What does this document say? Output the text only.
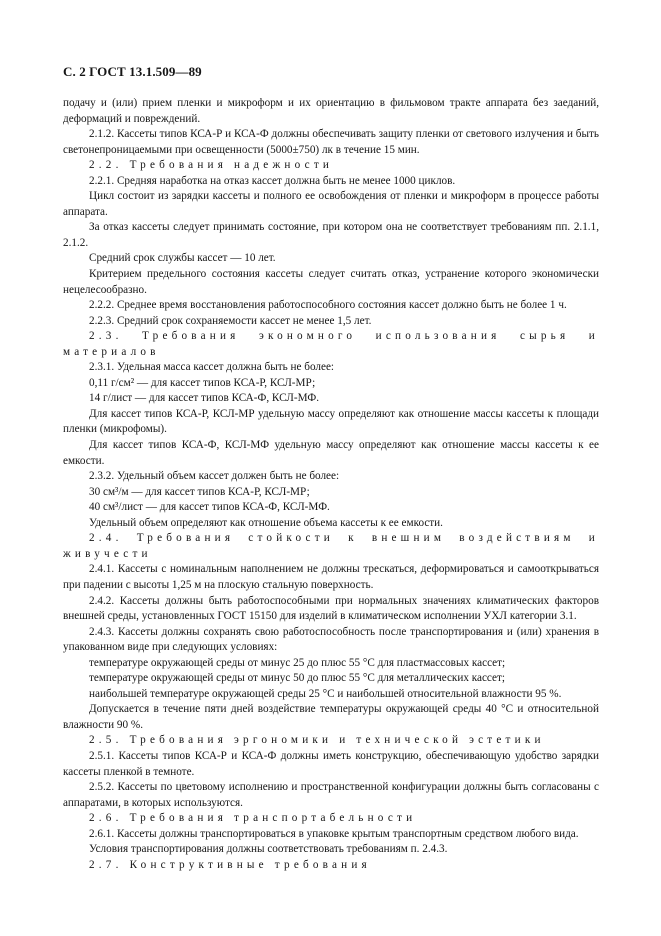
С. 2 ГОСТ 13.1.509—89

подачу и (или) прием пленки и микроформ и их ориентацию в фильмовом тракте аппарата без заеданий, деформаций и повреждений.

2.1.2. Кассеты типов КСА-Р и КСА-Ф должны обеспечивать защиту пленки от светового излучения и быть светонепроницаемыми при освещенности (5000±750) лк в течение 15 мин.

2.2. Требования надежности

2.2.1. Средняя наработка на отказ кассет должна быть не менее 1000 циклов.

Цикл состоит из зарядки кассеты и полного ее освобождения от пленки и микроформ в процессе работы аппарата.

За отказ кассеты следует принимать состояние, при котором она не соответствует требованиям пп. 2.1.1, 2.1.2.

Средний срок службы кассет — 10 лет.

Критерием предельного состояния кассеты следует считать отказ, устранение которого экономически нецелесообразно.

2.2.2. Среднее время восстановления работоспособного состояния кассет должно быть не более 1 ч.

2.2.3. Средний срок сохраняемости кассет не менее 1,5 лет.

2.3. Требования экономного использования сырья и материалов

2.3.1. Удельная масса кассет должна быть не более:

0,11 г/см² — для кассет типов КСА-Р, КСЛ-МР;

14 г/лист — для кассет типов КСА-Ф, КСЛ-МФ.

Для кассет типов КСА-Р, КСЛ-МР удельную массу определяют как отношение массы кассеты к площади пленки (микрофомы).

Для кассет типов КСА-Ф, КСЛ-МФ удельную массу определяют как отношение массы кассеты к ее емкости.

2.3.2. Удельный объем кассет должен быть не более:

30 см³/м — для кассет типов КСА-Р, КСЛ-МР;

40 см³/лист — для кассет типов КСА-Ф, КСЛ-МФ.

Удельный объем определяют как отношение объема кассеты к ее емкости.

2.4. Требования стойкости к внешним воздействиям и живучести

2.4.1. Кассеты с номинальным наполнением не должны трескаться, деформироваться и самооткрываться при падении с высоты 1,25 м на плоскую стальную поверхность.

2.4.2. Кассеты должны быть работоспособными при нормальных значениях климатических факторов внешней среды, установленных ГОСТ 15150 для изделий в климатическом исполнении УХЛ категории 3.1.

2.4.3. Кассеты должны сохранять свою работоспособность после транспортирования и (или) хранения в упакованном виде при следующих условиях:

температуре окружающей среды от минус 25 до плюс 55 °С для пластмассовых кассет;

температуре окружающей среды от минус 50 до плюс 55 °С для металлических кассет;

наибольшей температуре окружающей среды 25 °С и наибольшей относительной влажности 95 %.

Допускается в течение пяти дней воздействие температуры окружающей среды 40 °С и относительной влажности 90 %.

2.5. Требования эргономики и технической эстетики

2.5.1. Кассеты типов КСА-Р и КСА-Ф должны иметь конструкцию, обеспечивающую удобство зарядки кассеты пленкой в темноте.

2.5.2. Кассеты по цветовому исполнению и пространственной конфигурации должны быть согласованы с аппаратами, в которых используются.

2.6. Требования транспортабельности

2.6.1. Кассеты должны транспортироваться в упаковке крытым транспортным средством любого вида.

Условия транспортирования должны соответствовать требованиям п. 2.4.3.

2.7. Конструктивные требования
